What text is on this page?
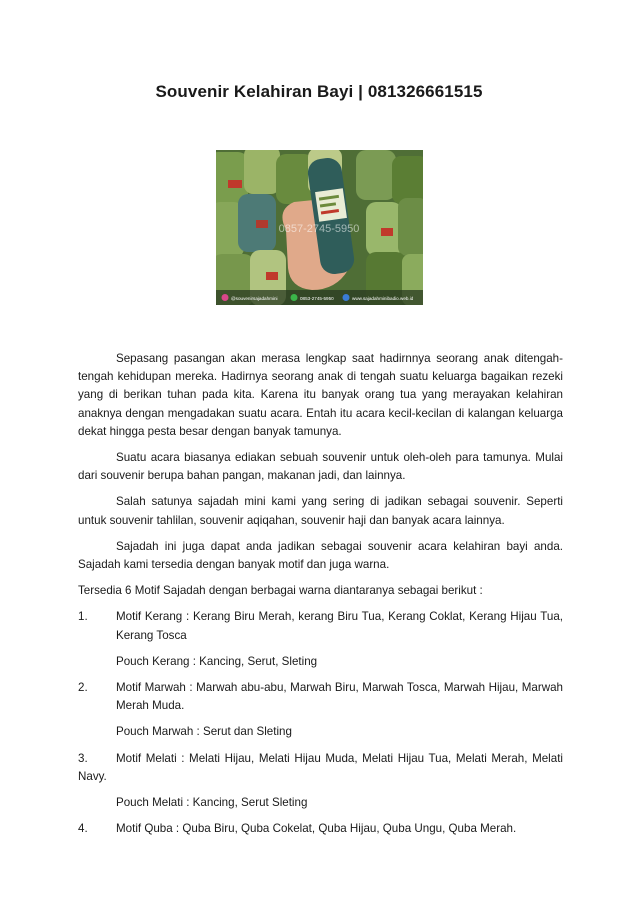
Souvenir Kelahiran Bayi | 081326661515
0857-2745-5950
@souvenirsajadahmini	0853-2745-5950	www.sajadahminibadio.web.id

Sepasang pasangan akan merasa lengkap saat hadirnnya seorang anak ditengah-tengah kehidupan mereka. Hadirnya seorang anak di tengah suatu keluarga bagaikan rezeki yang di berikan tuhan pada kita. Karena itu banyak orang tua yang merayakan kelahiran anaknya dengan mengadakan suatu acara. Entah itu acara kecil-kecilan di kalangan keluarga dekat hingga pesta besar dengan banyak tamunya.

Suatu acara biasanya ediakan sebuah souvenir untuk oleh-oleh para tamunya. Mulai dari souvenir berupa bahan pangan, makanan jadi, dan lainnya.

Salah satunya sajadah mini kami yang sering di jadikan sebagai souvenir. Seperti untuk souvenir tahlilan, souvenir aqiqahan, souvenir haji dan banyak acara lainnya.

Sajadah ini juga dapat anda jadikan sebagai souvenir acara kelahiran bayi anda. Sajadah kami tersedia dengan banyak motif dan juga warna.

Tersedia 6 Motif Sajadah dengan berbagai warna diantaranya sebagai berikut :

1. Motif Kerang : Kerang Biru Merah, kerang Biru Tua, Kerang Coklat, Kerang Hijau Tua, Kerang Tosca
Pouch Kerang : Kancing, Serut, Sleting
2. Motif Marwah : Marwah abu-abu, Marwah Biru, Marwah Tosca, Marwah Hijau, Marwah Merah Muda.
Pouch Marwah : Serut dan Sleting
3. Motif Melati : Melati Hijau, Melati Hijau Muda, Melati Hijau Tua, Melati Merah, Melati Navy.
Pouch Melati : Kancing, Serut Sleting
4. Motif Quba : Quba Biru, Quba Cokelat, Quba Hijau, Quba Ungu, Quba Merah.
